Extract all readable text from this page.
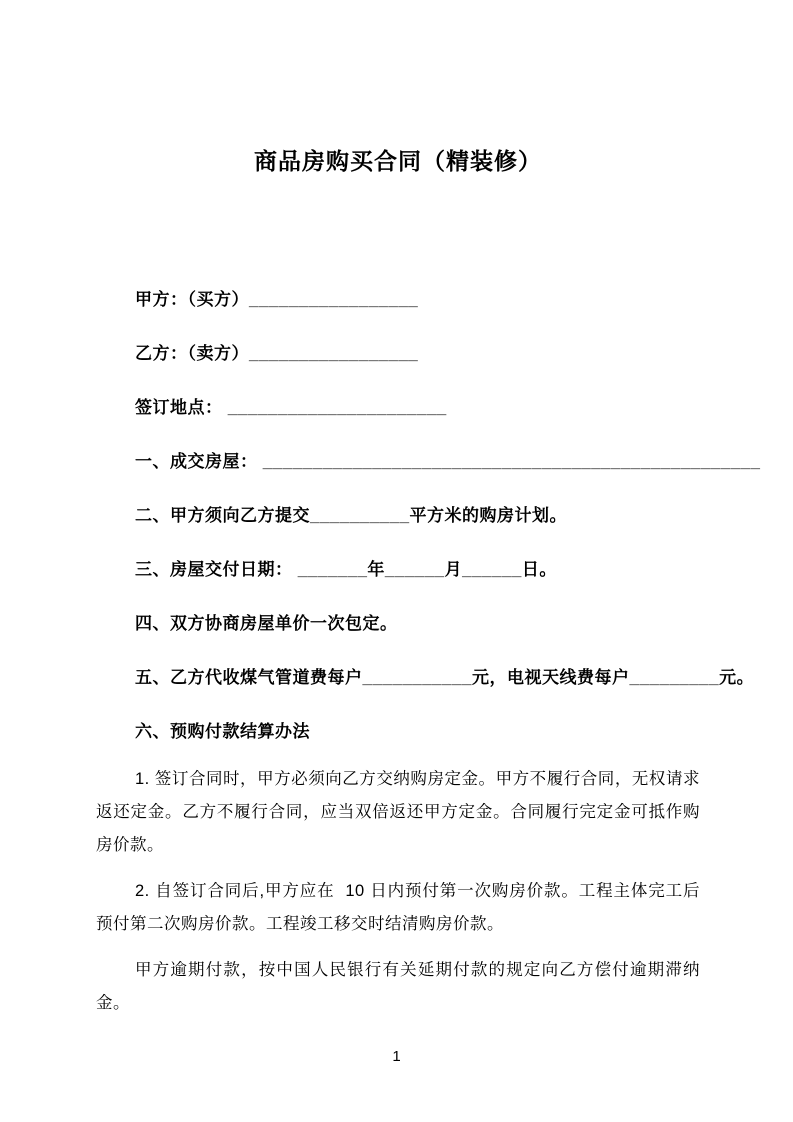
商品房购买合同（精装修）

甲方：（买方）_________________

乙方：（卖方）_________________

签订地点： ______________________

一、成交房屋： __________________________________________________

二、甲方须向乙方提交__________平方米的购房计划。

三、房屋交付日期： _______年______月______日。

四、双方协商房屋单价一次包定。

五、乙方代收煤气管道费每户___________元，电视天线费每户_________元。

六、预购付款结算办法

1. 签订合同时，甲方必须向乙方交纳购房定金。甲方不履行合同，无权请求返还定金。乙方不履行合同，应当双倍返还甲方定金。合同履行完定金可抵作购房价款。

2. 自签订合同后,甲方应在  10 日内预付第一次购房价款。工程主体完工后预付第二次购房价款。工程竣工移交时结清购房价款。

甲方逾期付款，按中国人民银行有关延期付款的规定向乙方偿付逾期滞纳金。

1
